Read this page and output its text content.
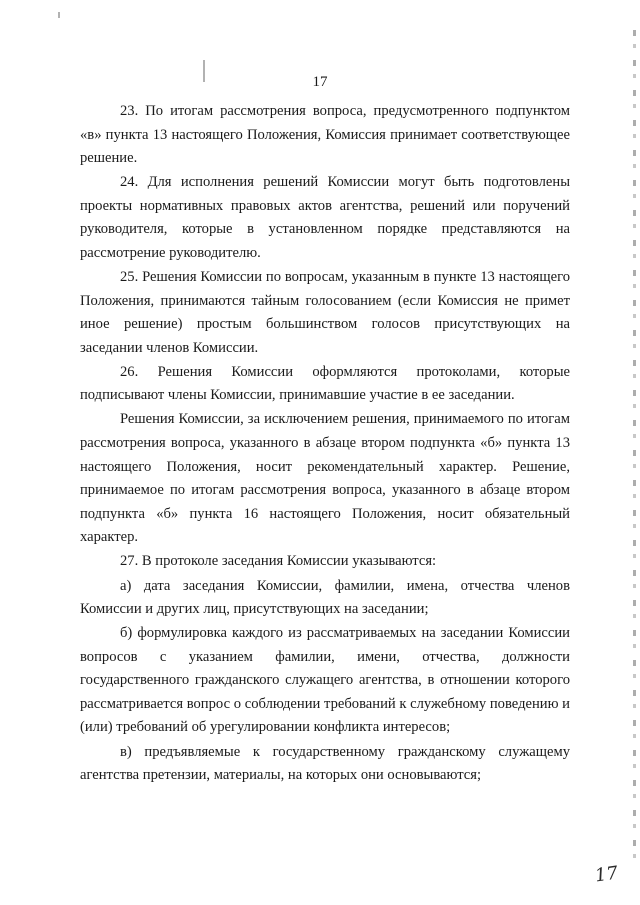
17

23. По итогам рассмотрения вопроса, предусмотренного подпунктом «в» пункта 13 настоящего Положения, Комиссия принимает соответствующее решение.

24. Для исполнения решений Комиссии могут быть подготовлены проекты нормативных правовых актов агентства, решений или поручений руководителя, которые в установленном порядке представляются на рассмотрение руководителю.

25. Решения Комиссии по вопросам, указанным в пункте 13 настоящего Положения, принимаются тайным голосованием (если Комиссия не примет иное решение) простым большинством голосов присутствующих на заседании членов Комиссии.

26. Решения Комиссии оформляются протоколами, которые подписывают члены Комиссии, принимавшие участие в ее заседании.

Решения Комиссии, за исключением решения, принимаемого по итогам рассмотрения вопроса, указанного в абзаце втором подпункта «б» пункта 13 настоящего Положения, носит рекомендательный характер. Решение, принимаемое по итогам рассмотрения вопроса, указанного в абзаце втором подпункта «б» пункта 16 настоящего Положения, носит обязательный характер.

27. В протоколе заседания Комиссии указываются:

а) дата заседания Комиссии, фамилии, имена, отчества членов Комиссии и других лиц, присутствующих на заседании;

б) формулировка каждого из рассматриваемых на заседании Комиссии вопросов с указанием фамилии, имени, отчества, должности государственного гражданского служащего агентства, в отношении которого рассматривается вопрос о соблюдении требований к служебному поведению и (или) требований об урегулировании конфликта интересов;

в) предъявляемые к государственному гражданскому служащему агентства претензии, материалы, на которых они основываются;

17
